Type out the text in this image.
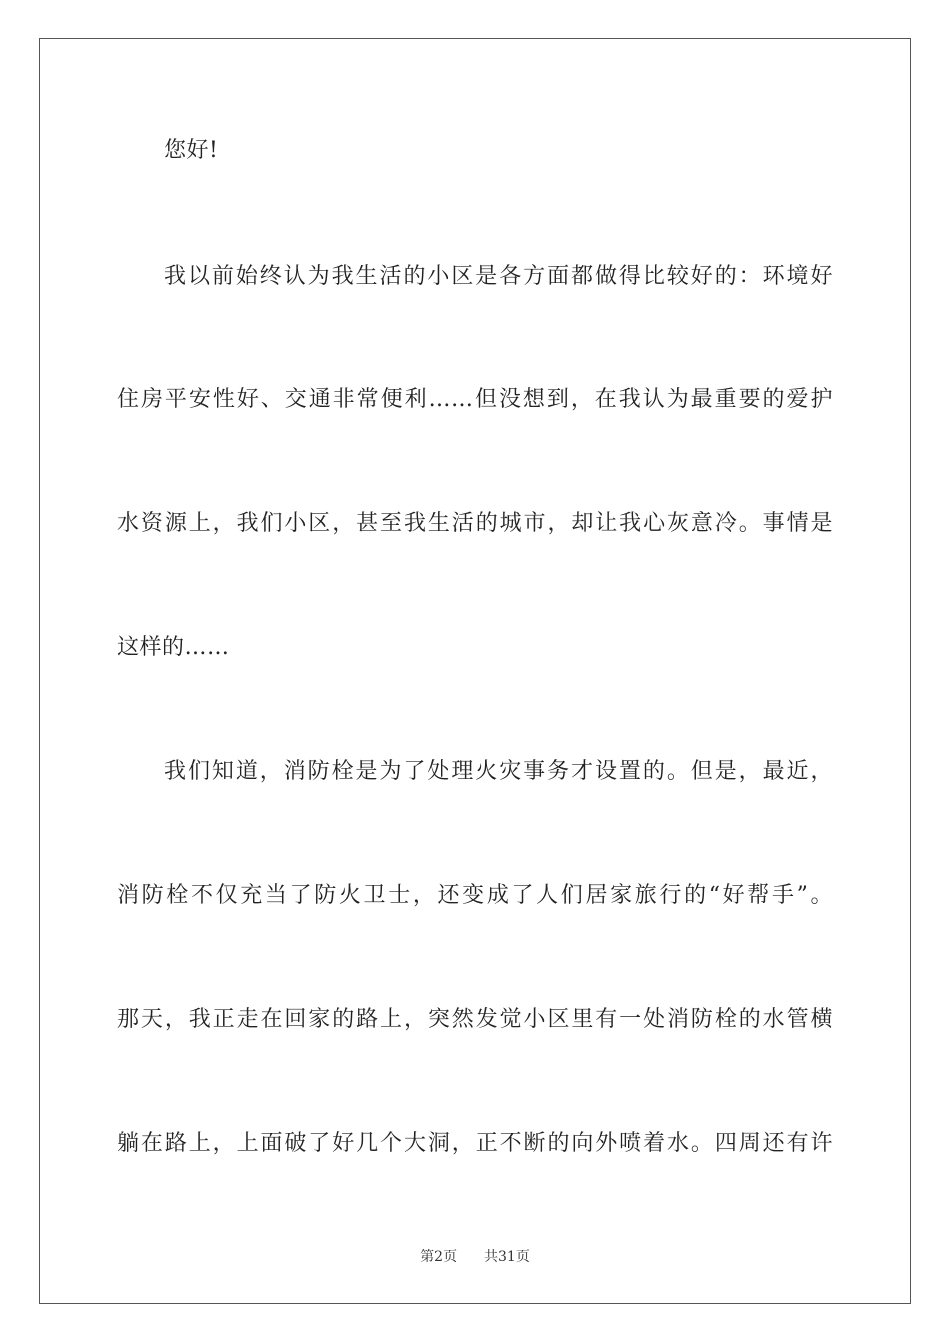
您好!
我以前始终认为我生活的小区是各方面都做得比较好的：环境好
住房平安性好、交通非常便利……但没想到，在我认为最重要的爱护
水资源上，我们小区，甚至我生活的城市，却让我心灰意冷。事情是
这样的……
我们知道，消防栓是为了处理火灾事务才设置的。但是，最近，
消防栓不仅充当了防火卫士，还变成了人们居家旅行的“好帮手”。
那天，我正走在回家的路上，突然发觉小区里有一处消防栓的水管横
躺在路上，上面破了好几个大洞，正不断的向外喷着水。四周还有许
第2页 共31页
